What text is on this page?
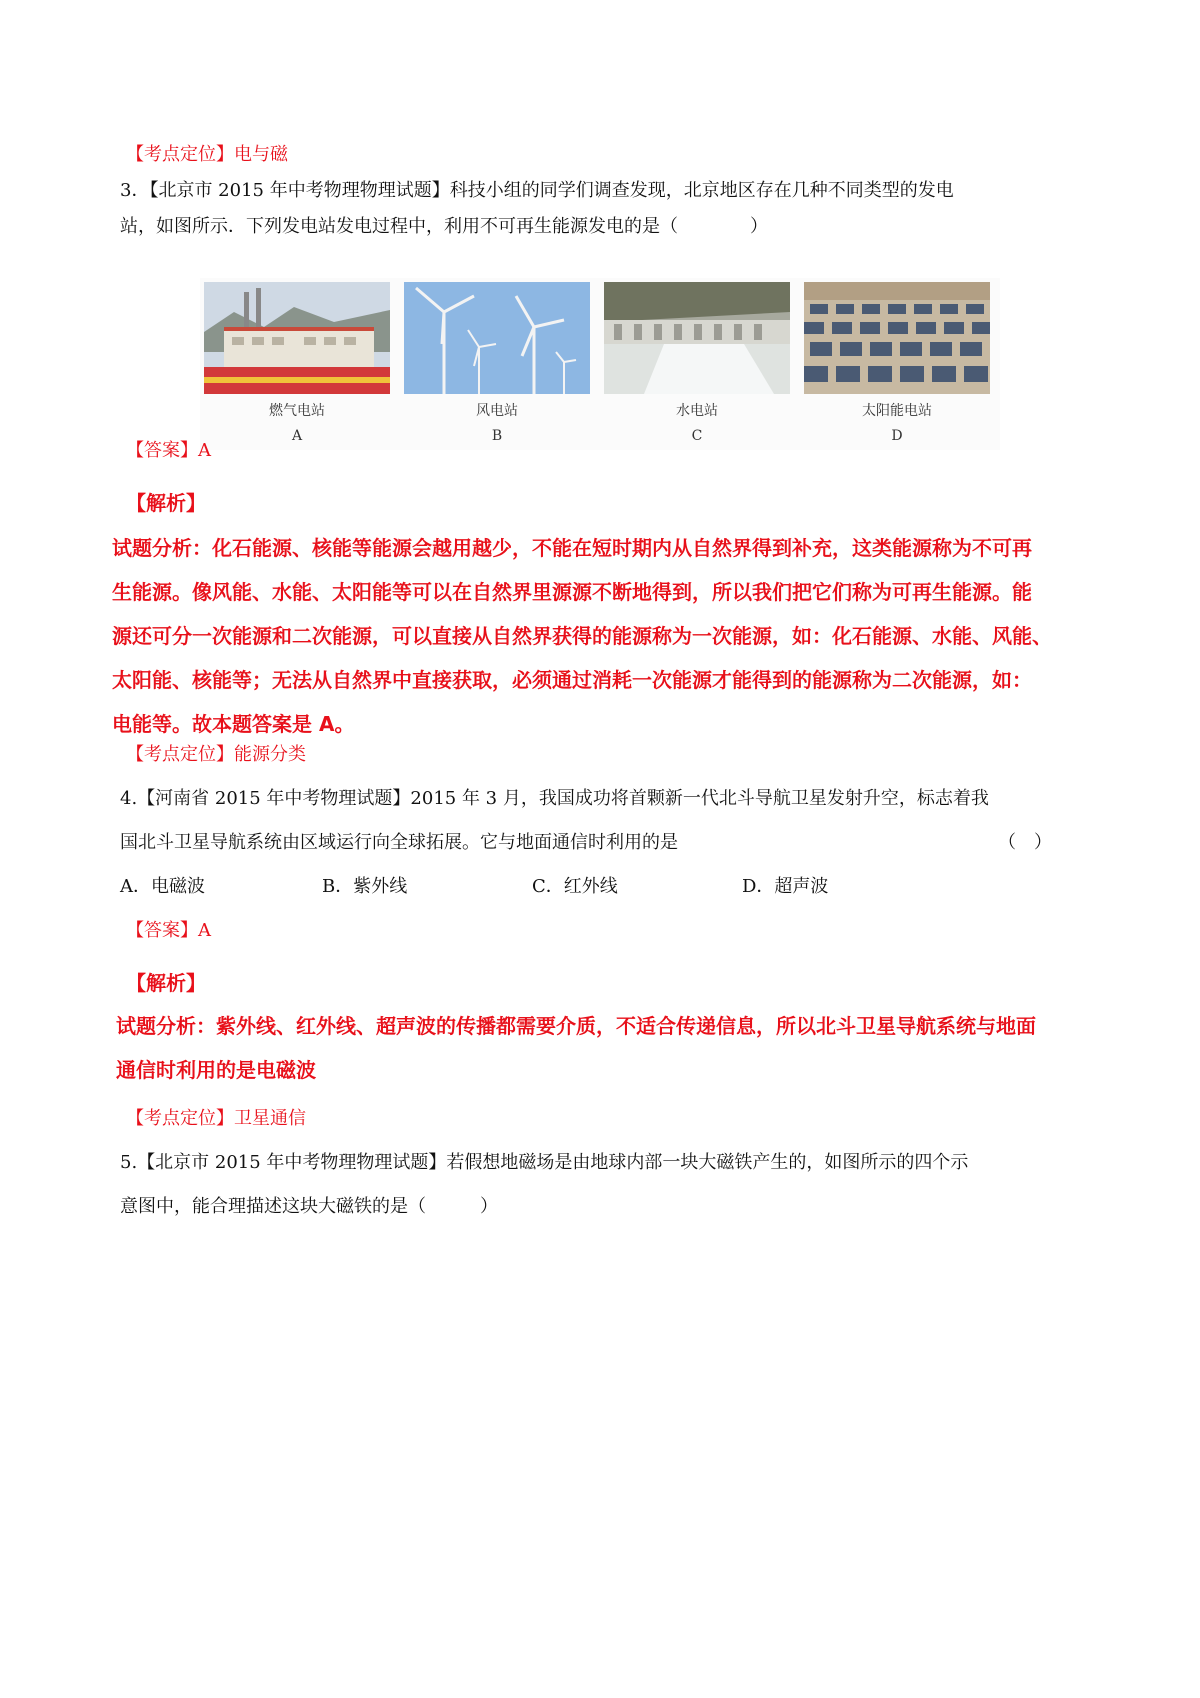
【考点定位】电与磁
3．【北京市 2015 年中考物理物理试题】科技小组的同学们调查发现，北京地区存在几种不同类型的发电
站，如图所示．下列发电站发电过程中，利用不可再生能源发电的是（　　　　）
燃气电站
A
风电站
B
水电站
C
太阳能电站
D
【答案】A
【解析】

试题分析：化石能源、核能等能源会越用越少，不能在短时期内从自然界得到补充，这类能源称为不可再

生能源。像风能、水能、太阳能等可以在自然界里源源不断地得到，所以我们把它们称为可再生能源。能

源还可分一次能源和二次能源，可以直接从自然界获得的能源称为一次能源，如：化石能源、水能、风能、

太阳能、核能等；无法从自然界中直接获取，必须通过消耗一次能源才能得到的能源称为二次能源，如：

电能等。故本题答案是 A。

【考点定位】能源分类
4.【河南省 2015 年中考物理试题】2015 年 3 月，我国成功将首颗新一代北斗导航卫星发射升空，标志着我
国北斗卫星导航系统由区域运行向全球拓展。它与地面通信时利用的是	（　）
A．电磁波	B．紫外线	C．红外线	D．超声波
【答案】A
【解析】

试题分析：紫外线、红外线、超声波的传播都需要介质，不适合传递信息，所以北斗卫星导航系统与地面

通信时利用的是电磁波

【考点定位】卫星通信
5.【北京市 2015 年中考物理物理试题】若假想地磁场是由地球内部一块大磁铁产生的，如图所示的四个示
意图中，能合理描述这块大磁铁的是（　　　）
